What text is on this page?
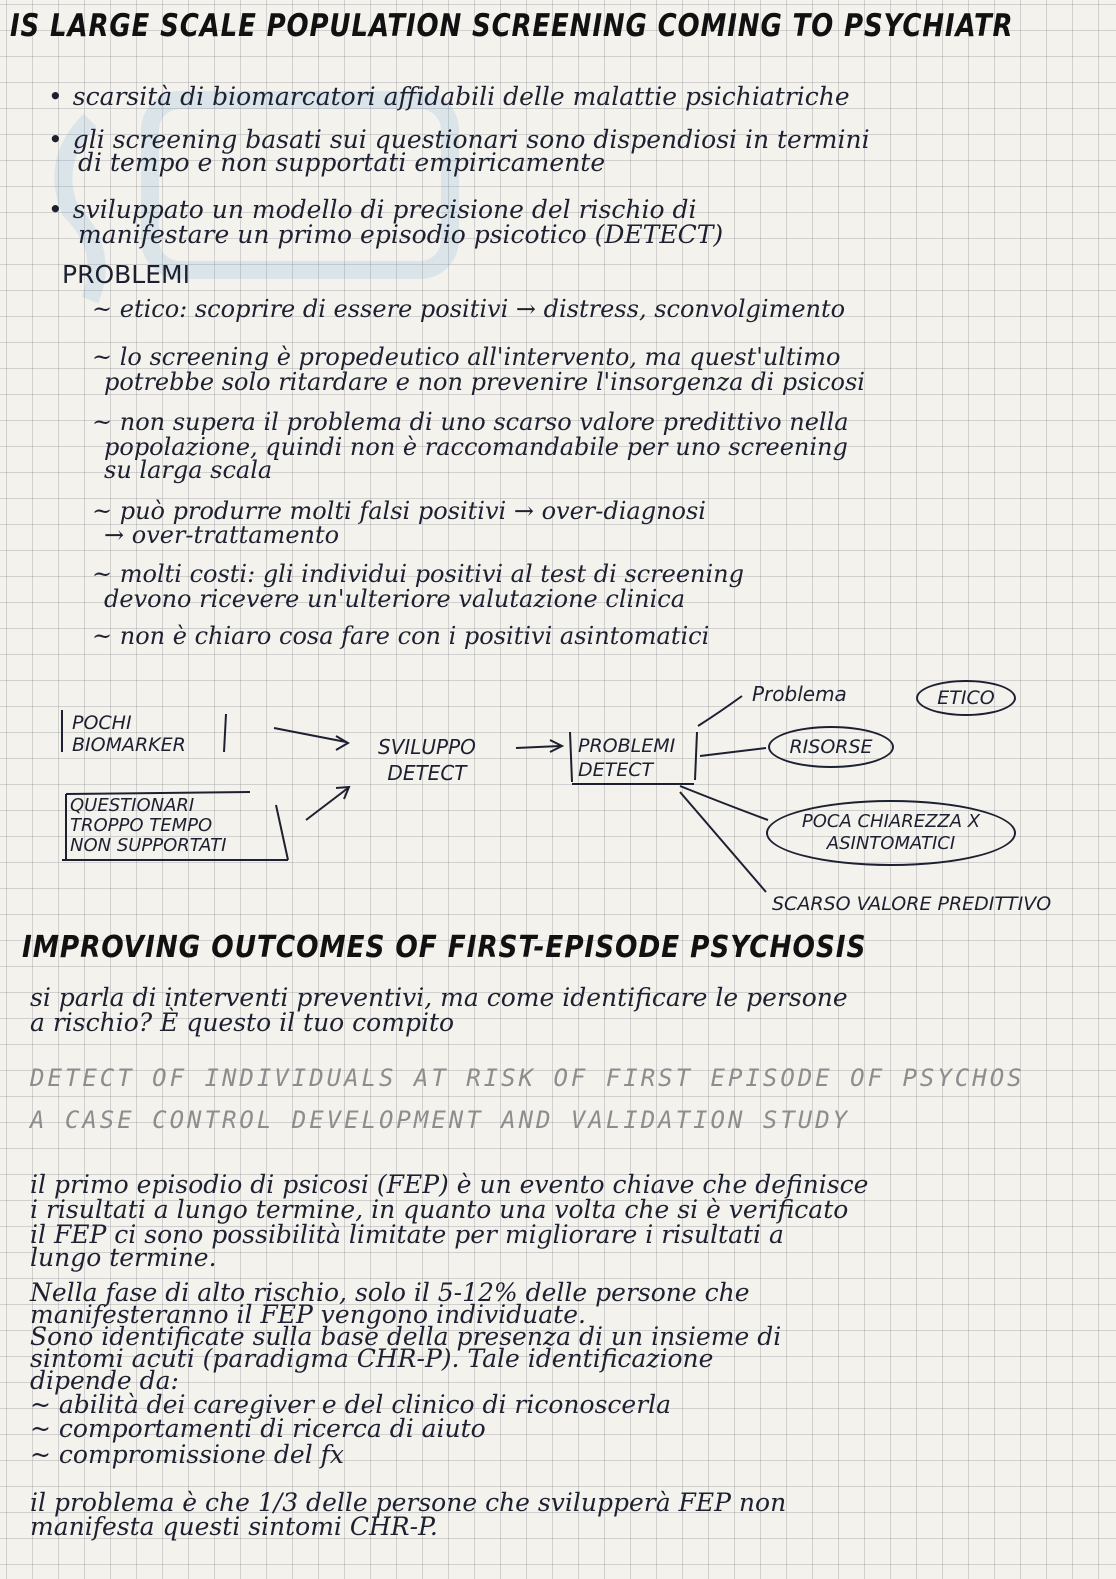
IS LARGE SCALE POPULATION SCREENING COMING TO PSYCHIATR
• scarsità di biomarcatori affidabili delle malattie psichiatriche
• gli screening basati sui questionari sono dispendiosi in termini
di tempo e non supportati empiricamente
• sviluppato un modello di precisione del rischio di
manifestare un primo episodio psicotico (DETECT)
PROBLEMI
~ etico: scoprire di essere positivi → distress, sconvolgimento
~ lo screening è propedeutico all'intervento, ma quest'ultimo
potrebbe solo ritardare e non prevenire l'insorgenza di psicosi
~ non supera il problema di uno scarso valore predittivo nella
popolazione, quindi non è raccomandabile per uno screening
su larga scala
~ può produrre molti falsi positivi → over-diagnosi
→ over-trattamento
~ molti costi: gli individui positivi al test di screening
devono ricevere un'ulteriore valutazione clinica
~ non è chiaro cosa fare con i positivi asintomatici
POCHI
BIOMARKER
QUESTIONARI
TROPPO TEMPO
NON SUPPORTATI
SVILUPPO
DETECT
PROBLEMI
DETECT
Problema	ETICO
RISORSE
POCA CHIAREZZA X
ASINTOMATICI
SCARSO VALORE PREDITTIVO
IMPROVING OUTCOMES OF FIRST-EPISODE PSYCHOSIS
si parla di interventi preventivi, ma come identificare le persone
a rischio? È questo il tuo compito
DETECT OF INDIVIDUALS AT RISK OF FIRST EPISODE OF PSYCHOS
A CASE CONTROL DEVELOPMENT AND VALIDATION STUDY
il primo episodio di psicosi (FEP) è un evento chiave che definisce
i risultati a lungo termine, in quanto una volta che si è verificato
il FEP ci sono possibilità limitate per migliorare i risultati a
lungo termine.
Nella fase di alto rischio, solo il 5-12% delle persone che
manifesteranno il FEP vengono individuate.
Sono identificate sulla base della presenza di un insieme di
sintomi acuti (paradigma CHR-P). Tale identificazione
dipende da:
~ abilità dei caregiver e del clinico di riconoscerla
~ comportamenti di ricerca di aiuto
~ compromissione del fx
il problema è che 1/3 delle persone che svilupperà FEP non
manifesta questi sintomi CHR-P.
